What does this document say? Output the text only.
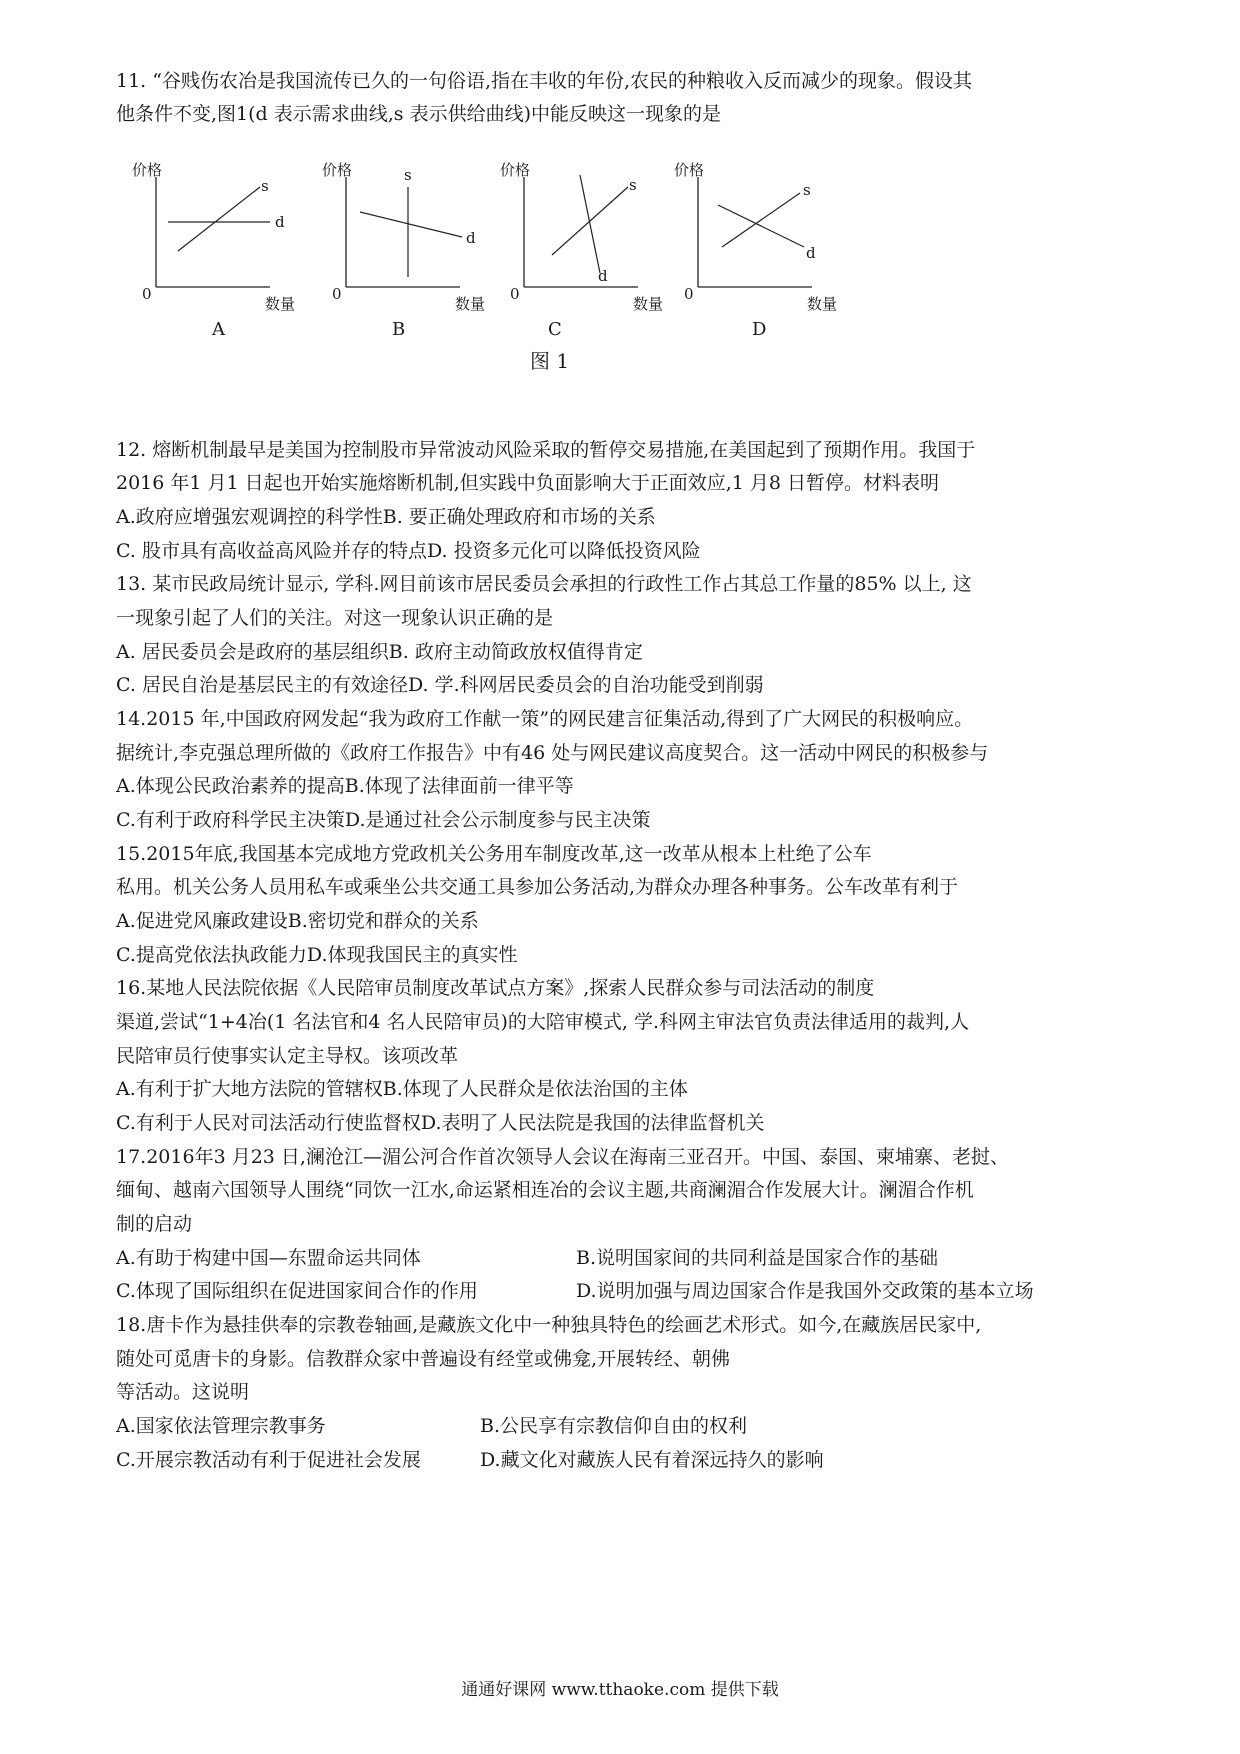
11. “谷贱伤农冶是我国流传已久的一句俗语,指在丰收的年份,农民的种粮收入反而减少的现象。假设其

他条件不变,图1(d 表示需求曲线,s 表示供给曲线)中能反映这一现象的是

价格
0
数量
s
d
A
价格
0
数量
s
d
B
价格
0
数量
s
d
C
价格
0
数量
s
d
D
图 1

12. 熔断机制最早是美国为控制股市异常波动风险采取的暂停交易措施,在美国起到了预期作用。我国于

2016 年1 月1 日起也开始实施熔断机制,但实践中负面影响大于正面效应,1 月8 日暂停。材料表明

A.政府应增强宏观调控的科学性B. 要正确处理政府和市场的关系

C. 股市具有高收益高风险并存的特点D. 投资多元化可以降低投资风险

13. 某市民政局统计显示, 学科.网目前该市居民委员会承担的行政性工作占其总工作量的85% 以上, 这

一现象引起了人们的关注。对这一现象认识正确的是

A. 居民委员会是政府的基层组织B. 政府主动简政放权值得肯定

C. 居民自治是基层民主的有效途径D. 学.科网居民委员会的自治功能受到削弱

14.2015 年,中国政府网发起“我为政府工作献一策”的网民建言征集活动,得到了广大网民的积极响应。

据统计,李克强总理所做的《政府工作报告》中有46 处与网民建议高度契合。这一活动中网民的积极参与

A.体现公民政治素养的提高B.体现了法律面前一律平等

C.有利于政府科学民主决策D.是通过社会公示制度参与民主决策

15.2015年底,我国基本完成地方党政机关公务用车制度改革,这一改革从根本上杜绝了公车

私用。机关公务人员用私车或乘坐公共交通工具参加公务活动,为群众办理各种事务。公车改革有利于

A.促进党风廉政建设B.密切党和群众的关系

C.提高党依法执政能力D.体现我国民主的真实性

16.某地人民法院依据《人民陪审员制度改革试点方案》,探索人民群众参与司法活动的制度

渠道,尝试“1+4冶(1 名法官和4 名人民陪审员)的大陪审模式, 学.科网主审法官负责法律适用的裁判,人

民陪审员行使事实认定主导权。该项改革

A.有利于扩大地方法院的管辖权B.体现了人民群众是依法治国的主体

C.有利于人民对司法活动行使监督权D.表明了人民法院是我国的法律监督机关

17.2016年3 月23 日,澜沧江—湄公河合作首次领导人会议在海南三亚召开。中国、泰国、柬埔寨、老挝、

缅甸、越南六国领导人围绕“同饮一江水,命运紧相连冶的会议主题,共商澜湄合作发展大计。澜湄合作机

制的启动

A.有助于构建中国—东盟命运共同体	B.说明国家间的共同利益是国家合作的基础

C.体现了国际组织在促进国家间合作的作用	D.说明加强与周边国家合作是我国外交政策的基本立场

18.唐卡作为悬挂供奉的宗教卷轴画,是藏族文化中一种独具特色的绘画艺术形式。如今,在藏族居民家中,

随处可觅唐卡的身影。信教群众家中普遍设有经堂或佛龛,开展转经、朝佛

等活动。这说明

A.国家依法管理宗教事务	B.公民享有宗教信仰自由的权利

C.开展宗教活动有利于促进社会发展	D.藏文化对藏族人民有着深远持久的影响

通通好课网 www.tthaoke.com 提供下载
